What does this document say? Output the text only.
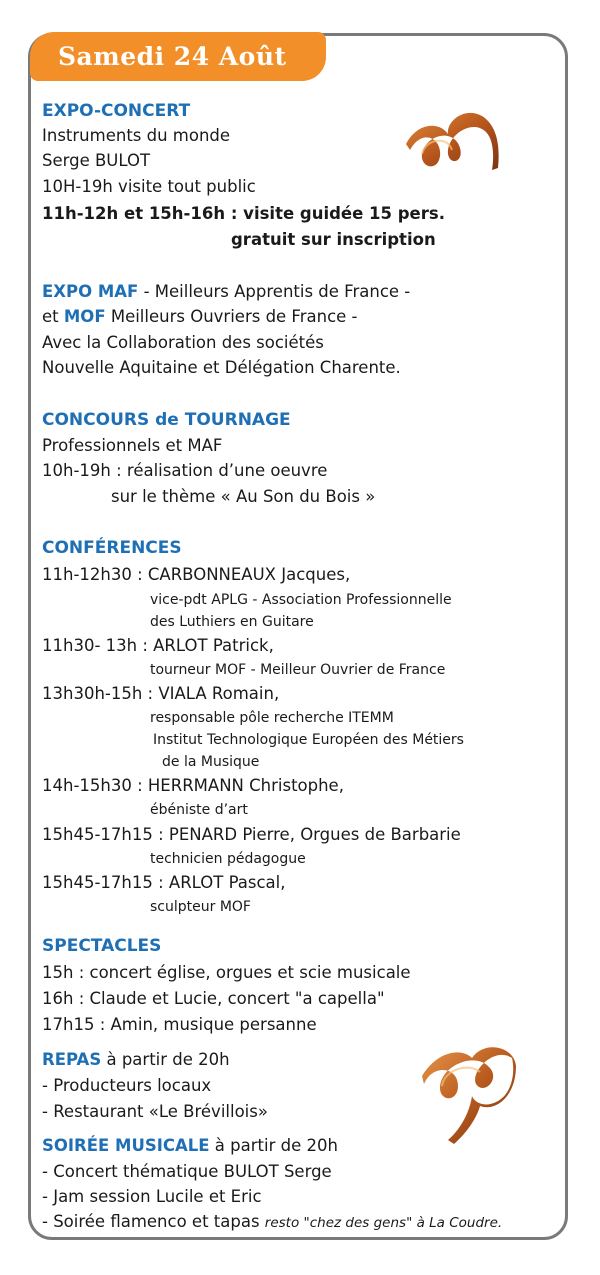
Samedi 24 Août
EXPO-CONCERT
Instruments du monde
Serge BULOT
10H-19h visite tout public
11h-12h et 15h-16h : visite guidée 15 pers.
gratuit sur inscription
EXPO MAF - Meilleurs Apprentis de France -
et MOF Meilleurs Ouvriers de France -
Avec la Collaboration des sociétés
Nouvelle Aquitaine et Délégation Charente.
CONCOURS de TOURNAGE
Professionnels et MAF
10h-19h : réalisation d’une oeuvre
sur le thème « Au Son du Bois »
CONFÉRENCES
11h-12h30 : CARBONNEAUX Jacques,
vice-pdt APLG - Association Professionnelle
des Luthiers en Guitare
11h30- 13h : ARLOT Patrick,
tourneur MOF - Meilleur Ouvrier de France
13h30h-15h : VIALA Romain,
responsable pôle recherche ITEMM
Institut Technologique Européen des Métiers
de la Musique
14h-15h30 : HERRMANN Christophe,
ébéniste d’art
15h45-17h15 : PENARD Pierre, Orgues de Barbarie
technicien pédagogue
15h45-17h15 : ARLOT Pascal,
sculpteur MOF
SPECTACLES
15h : concert église, orgues et scie musicale
16h : Claude et Lucie, concert "a capella"
17h15 : Amin, musique persanne
REPAS à partir de 20h
- Producteurs locaux
- Restaurant «Le Brévillois»
SOIRÉE MUSICALE à partir de 20h
- Concert thématique BULOT Serge
- Jam session Lucile et Eric
- Soirée flamenco et tapas resto "chez des gens" à La Coudre.
